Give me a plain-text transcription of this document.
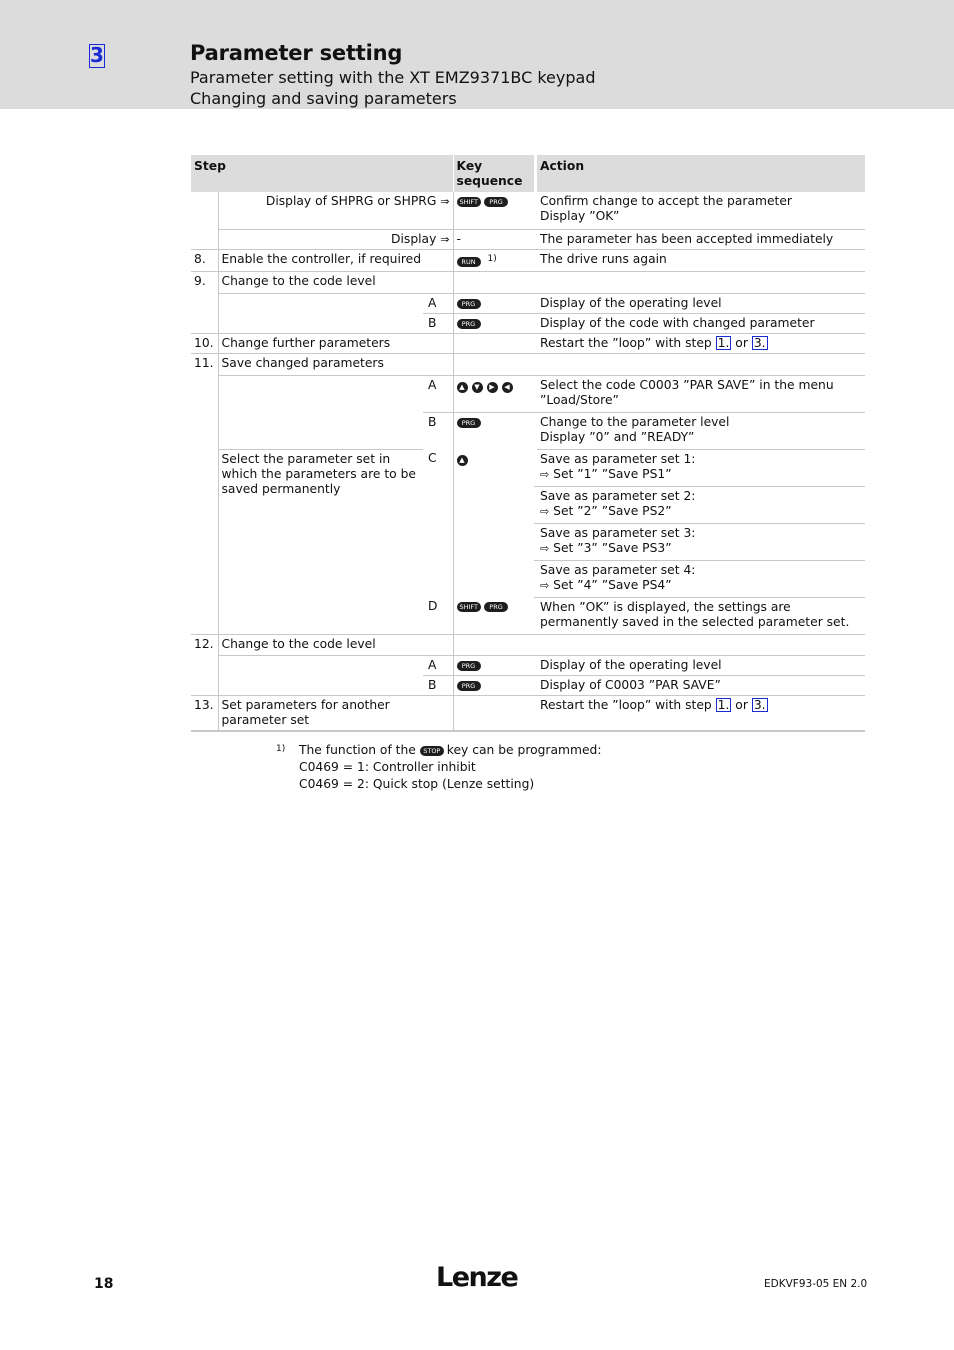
3	Parameter setting
Parameter setting with the XT EMZ9371BC keypad
Changing and saving parameters
Step			Key sequence		Action
	Display of SHPRG or SHPRG ⇒		SHIFT PRG		Confirm change to accept the parameter
Display ”OK”

	Display ⇒		-		The parameter has been accepted immediately
8.	Enable the controller, if required		RUN $^{1)}$		The drive runs again
9.	Change to the code level				
		A	PRG		Display of the operating level
		B	PRG		Display of the code with changed parameter
10.	Change further parameters				Restart the ”loop” with step 1. or 3.
11.	Save changed parameters				
		A	▲ ▼ ▶ ◀		Select the code C0003 ”PAR SAVE” in the menu
”Load/Store”

		B	PRG		Change to the parameter level
Display ”0” and ”READY”

	Select the parameter set in which the parameters are to be saved permanently	C	▲		Save as parameter set 1:
⇨ Set ”1” ”Save PS1”

					Save as parameter set 2:
⇨ Set ”2” ”Save PS2”

					Save as parameter set 3:
⇨ Set ”3” ”Save PS3”

					Save as parameter set 4:
⇨ Set ”4” ”Save PS4”

		D	SHIFT PRG		When ”OK” is displayed, the settings are permanently saved in the selected parameter set.
12.	Change to the code level				
		A	PRG		Display of the operating level
		B	PRG		Display of C0003 ”PAR SAVE”
13.	Set parameters for another parameter set				Restart the ”loop” with step 1. or 3.
1) The function of the STOP key can be programmed:
C0469 = 1: Controller inhibit
C0469 = 2: Quick stop (Lenze setting)
18	Lenze	EDKVF93-05 EN 2.0
